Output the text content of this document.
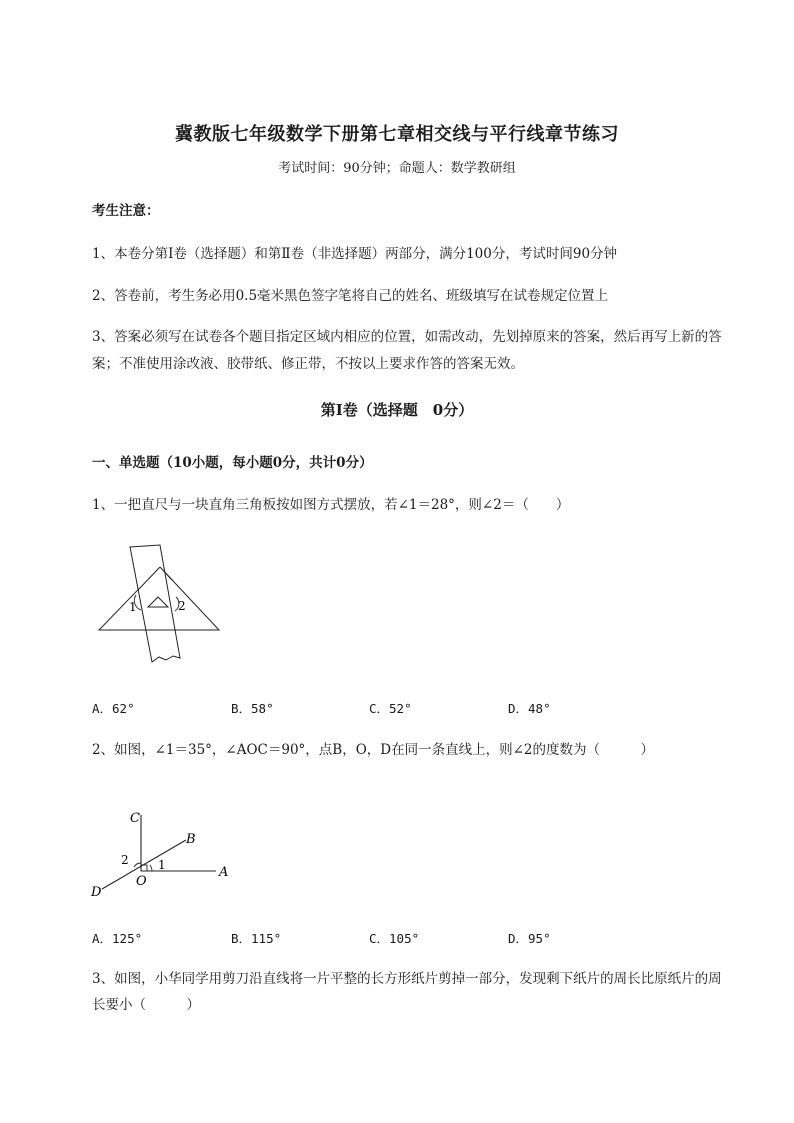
冀教版七年级数学下册第七章相交线与平行线章节练习
考试时间：90分钟；命题人：数学教研组
考生注意：
1、本卷分第Ⅰ卷（选择题）和第Ⅱ卷（非选择题）两部分，满分100分，考试时间90分钟
2、答卷前，考生务必用0.5毫米黑色签字笔将自己的姓名、班级填写在试卷规定位置上
3、答案必须写在试卷各个题目指定区域内相应的位置，如需改动，先划掉原来的答案，然后再写上新的答案；不准使用涂改液、胶带纸、修正带，不按以上要求作答的答案无效。
第Ⅰ卷（选择题　0分）
一、单选题（10小题，每小题0分，共计0分）
1、一把直尺与一块直角三角板按如图方式摆放，若∠1＝28°，则∠2＝（　　）
1	2
A．62°	B．58°	C．52°	D．48°
2、如图，∠1＝35°，∠AOC＝90°，点B，O，D在同一条直线上，则∠2的度数为（　　　）
C
B
A
D
O
1
2
A．125°	B．115°	C．105°	D．95°
3、如图，小华同学用剪刀沿直线将一片平整的长方形纸片剪掉一部分，发现剩下纸片的周长比原纸片的周长要小（　　　）
